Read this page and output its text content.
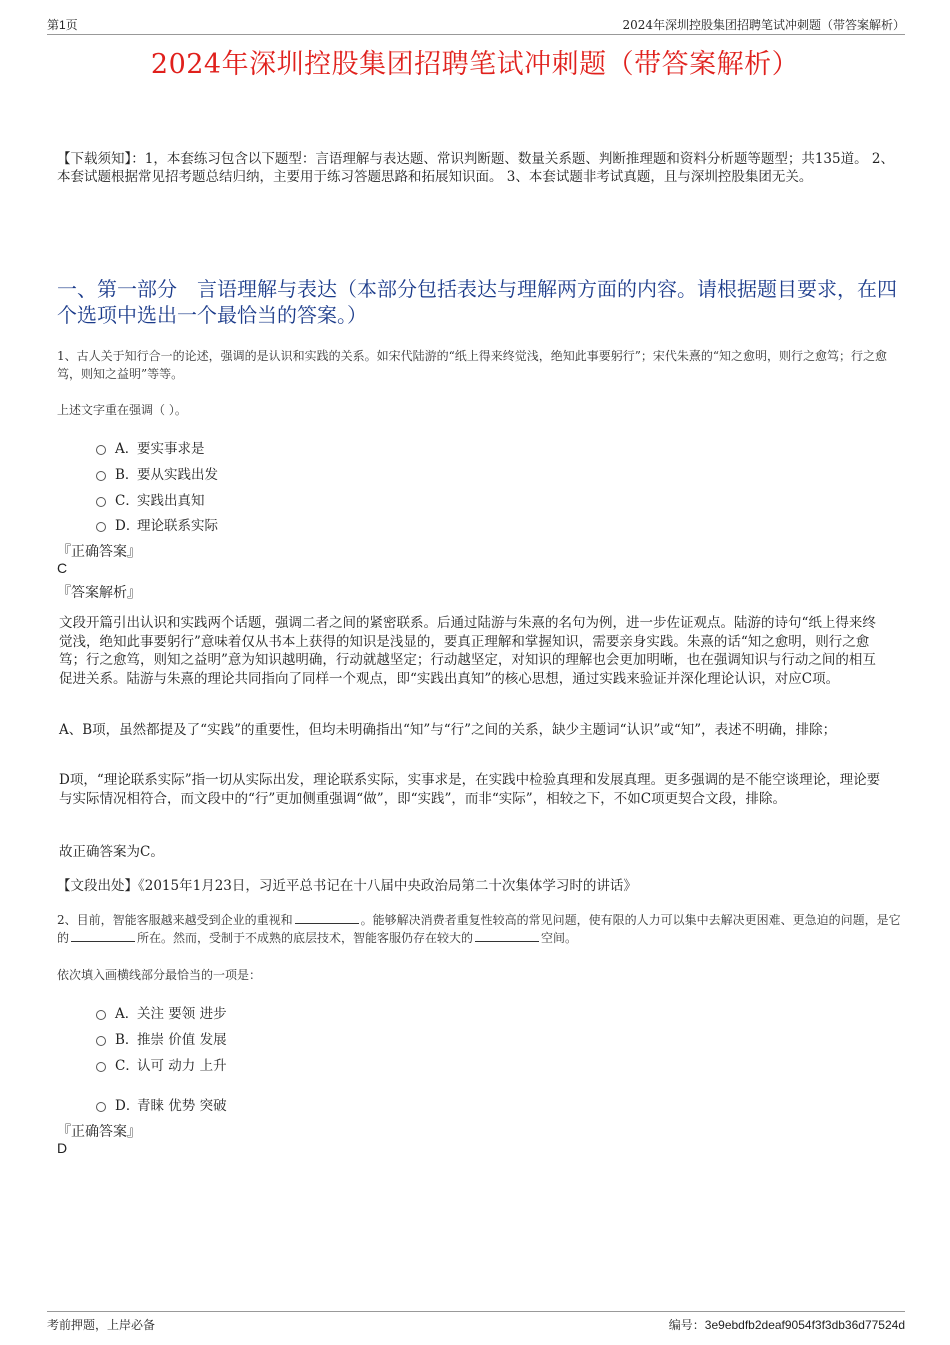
第1页	2024年深圳控股集团招聘笔试冲刺题（带答案解析）
2024年深圳控股集团招聘笔试冲刺题（带答案解析）
【下载须知】：1，本套练习包含以下题型：言语理解与表达题、常识判断题、数量关系题、判断推理题和资料分析题等题型；共135道。 2、本套试题根据常见招考题总结归纳，主要用于练习答题思路和拓展知识面。 3、本套试题非考试真题，且与深圳控股集团无关。
一、第一部分　言语理解与表达（本部分包括表达与理解两方面的内容。请根据题目要求，在四个选项中选出一个最恰当的答案。）
1、古人关于知行合一的论述，强调的是认识和实践的关系。如宋代陆游的“纸上得来终觉浅，绝知此事要躬行”；宋代朱熹的“知之愈明，则行之愈笃；行之愈笃，则知之益明”等等。
上述文字重在强调（ ）。
A．
要实事求是
B．
要从实践出发
C．
实践出真知
D．
理论联系实际
『正确答案』
C
『答案解析』
文段开篇引出认识和实践两个话题，强调二者之间的紧密联系。后通过陆游与朱熹的名句为例，进一步佐证观点。陆游的诗句“纸上得来终觉浅，绝知此事要躬行”意味着仅从书本上获得的知识是浅显的，要真正理解和掌握知识，需要亲身实践。朱熹的话“知之愈明，则行之愈笃；行之愈笃，则知之益明”意为知识越明确，行动就越坚定；行动越坚定，对知识的理解也会更加明晰，也在强调知识与行动之间的相互促进关系。陆游与朱熹的理论共同指向了同样一个观点，即“实践出真知”的核心思想，通过实践来验证并深化理论认识，对应C项。
A、B项，虽然都提及了“实践”的重要性，但均未明确指出“知”与“行”之间的关系，缺少主题词“认识”或“知”，表述不明确，排除；
D项，“理论联系实际”指一切从实际出发，理论联系实际，实事求是，在实践中检验真理和发展真理。更多强调的是不能空谈理论，理论要与实际情况相符合，而文段中的“行”更加侧重强调“做”，即“实践”，而非“实际”，相较之下，不如C项更契合文段，排除。
故正确答案为C。
【文段出处】《2015年1月23日，习近平总书记在十八届中央政治局第二十次集体学习时的讲话》
2、目前，智能客服越来越受到企业的重视和	。能够解决消费者重复性较高的常见问题，使有限的人力可以集中去解决更困难、更急迫的问题，是它的	所在。然而，受制于不成熟的底层技术，智能客服仍存在较大的	空间。
依次填入画横线部分最恰当的一项是：
A．
关注 要领 进步
B．
推崇 价值 发展
C．
认可 动力 上升
D．
青睐 优势 突破
『正确答案』
D
考前押题，上岸必备	编号：3e9ebdfb2deaf9054f3f3db36d77524d
